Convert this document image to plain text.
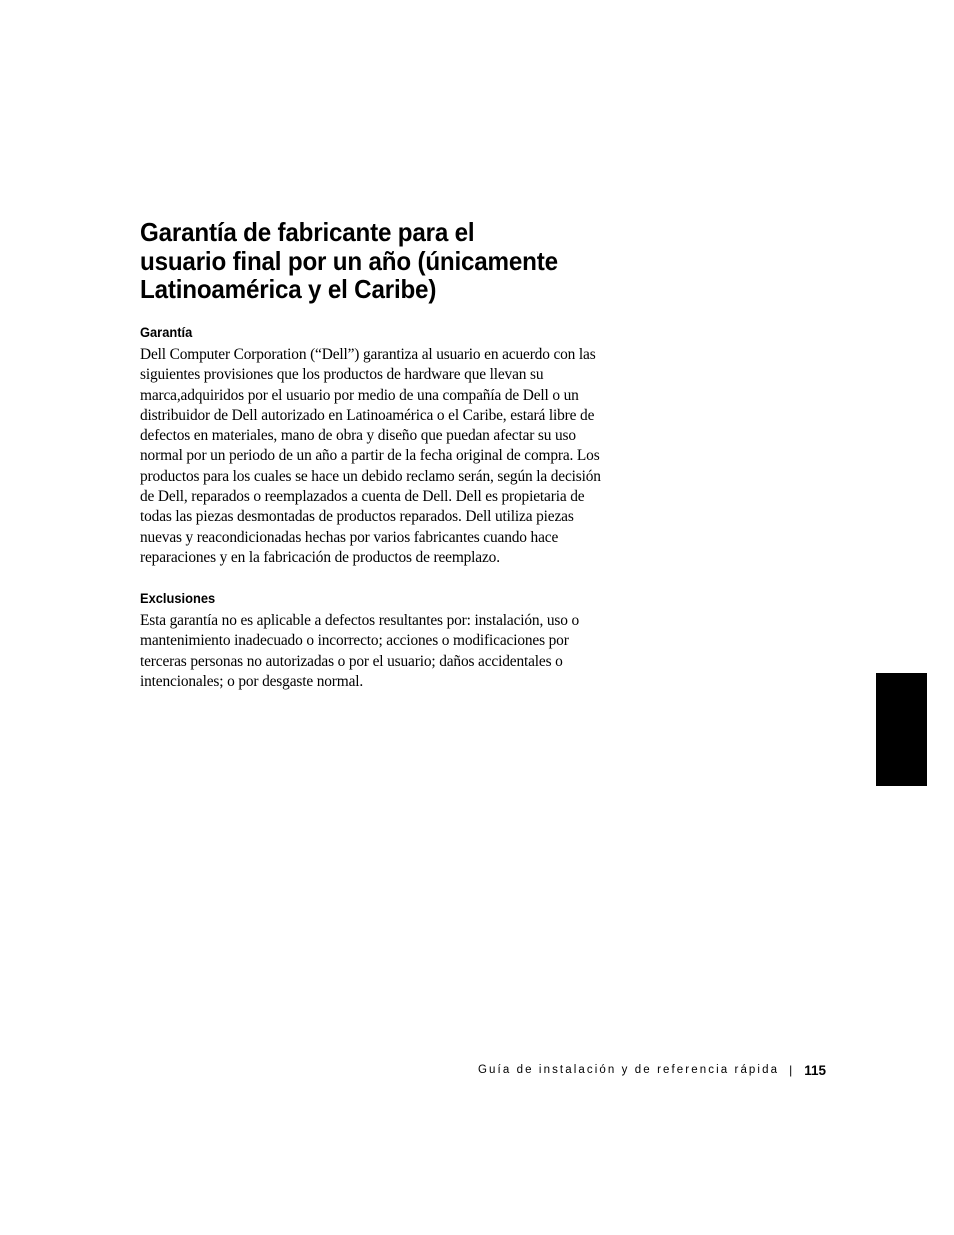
Garantía de fabricante para el
usuario final por un año (únicamente
Latinoamérica y el Caribe)
Garantía
Dell Computer Corporation (“Dell”) garantiza al usuario en acuerdo con las
siguientes provisiones que los productos de hardware que llevan su
marca,adquiridos por el usuario por medio de una compañía de Dell o un
distribuidor de Dell autorizado en Latinoamérica o el Caribe, estará libre de
defectos en materiales, mano de obra y diseño que puedan afectar su uso
normal por un periodo de un año a partir de la fecha original de compra. Los
productos para los cuales se hace un debido reclamo serán, según la decisión
de Dell, reparados o reemplazados a cuenta de Dell. Dell es propietaria de
todas las piezas desmontadas de productos reparados. Dell utiliza piezas
nuevas y reacondicionadas hechas por varios fabricantes cuando hace
reparaciones y en la fabricación de productos de reemplazo.
Exclusiones
Esta garantía no es aplicable a defectos resultantes por: instalación, uso o
mantenimiento inadecuado o incorrecto; acciones o modificaciones por
terceras personas no autorizadas o por el usuario; daños accidentales o
intencionales; o por desgaste normal.
Guía de instalación y de referencia rápida | 115
